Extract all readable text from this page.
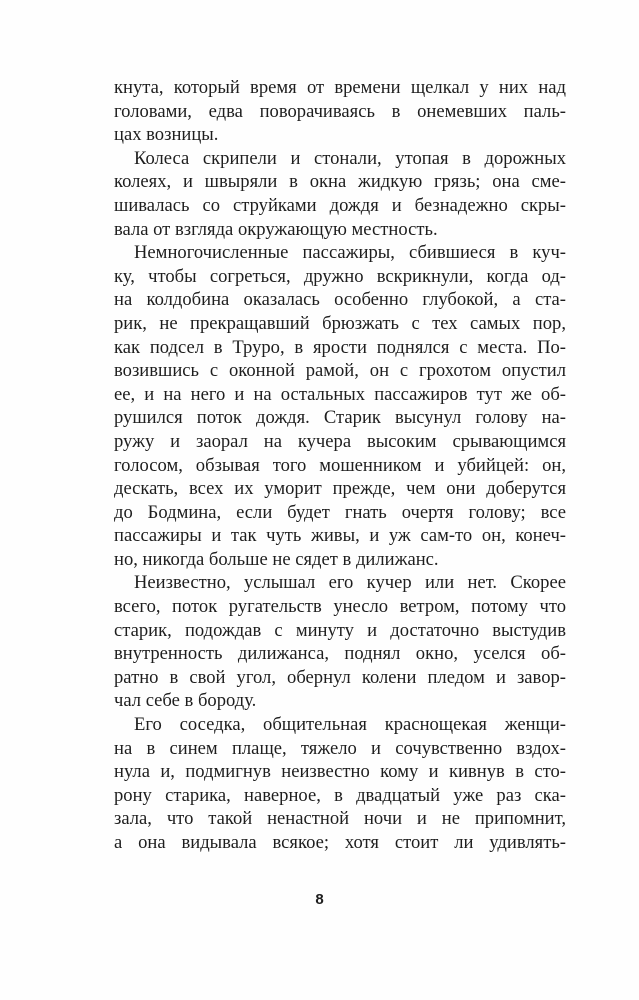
кнута, который время от времени щелкал у них над
головами, едва поворачиваясь в онемевших паль-
цах возницы.
Колеса скрипели и стонали, утопая в дорожных
колеях, и швыряли в окна жидкую грязь; она сме-
шивалась со струйками дождя и безнадежно скры-
вала от взгляда окружающую местность.
Немногочисленные пассажиры, сбившиеся в куч-
ку, чтобы согреться, дружно вскрикнули, когда од-
на колдобина оказалась особенно глубокой, а ста-
рик, не прекращавший брюзжать с тех самых пор,
как подсел в Труро, в ярости поднялся с места. По-
возившись с оконной рамой, он с грохотом опустил
ее, и на него и на остальных пассажиров тут же об-
рушился поток дождя. Старик высунул голову на-
ружу и заорал на кучера высоким срывающимся
голосом, обзывая того мошенником и убийцей: он,
дескать, всех их уморит прежде, чем они доберутся
до Бодмина, если будет гнать очертя голову; все
пассажиры и так чуть живы, и уж сам-то он, конеч-
но, никогда больше не сядет в дилижанс.
Неизвестно, услышал его кучер или нет. Скорее
всего, поток ругательств унесло ветром, потому что
старик, подождав с минуту и достаточно выстудив
внутренность дилижанса, поднял окно, уселся об-
ратно в свой угол, обернул колени пледом и завор-
чал себе в бороду.
Его соседка, общительная краснощекая женщи-
на в синем плаще, тяжело и сочувственно вздох-
нула и, подмигнув неизвестно кому и кивнув в сто-
рону старика, наверное, в двадцатый уже раз ска-
зала, что такой ненастной ночи и не припомнит,
а она видывала всякое; хотя стоит ли удивлять-
8
